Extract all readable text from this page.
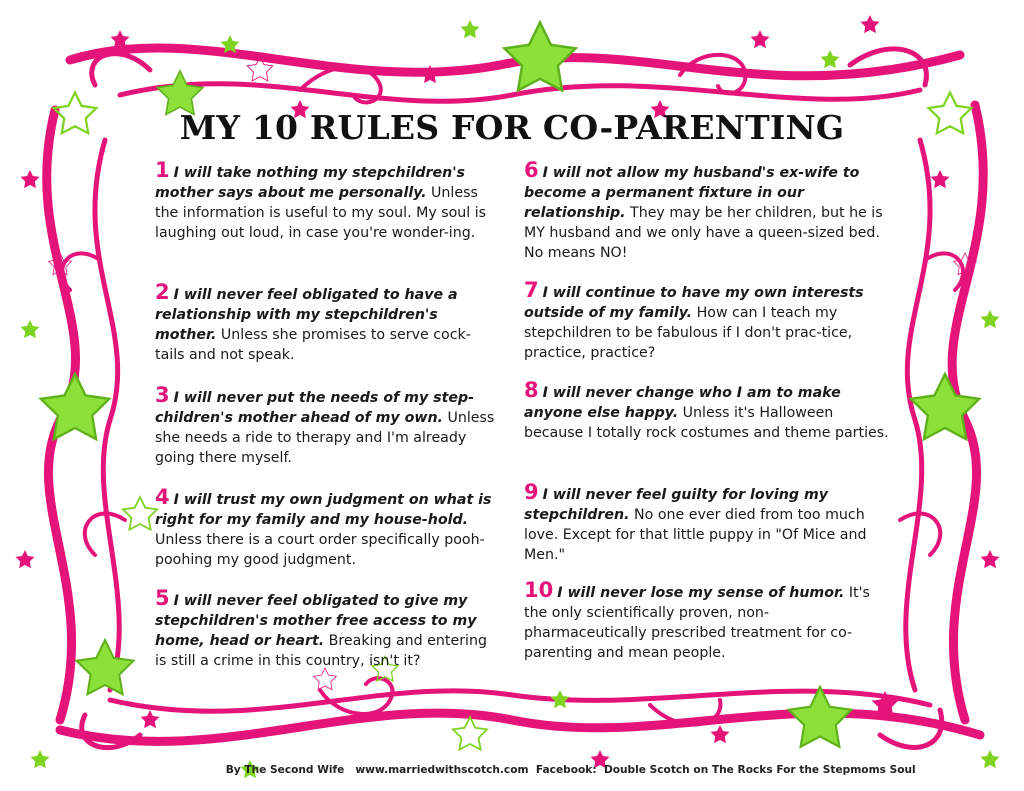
MY 10 RULES FOR CO-PARENTING
1 I will take nothing my stepchildren's mother says about me personally. Unless the information is useful to my soul. My soul is laughing out loud, in case you're wonder-ing.
2 I will never feel obligated to have a relationship with my stepchildren's mother. Unless she promises to serve cock-tails and not speak.
3 I will never put the needs of my step-children's mother ahead of my own. Unless she needs a ride to therapy and I'm already going there myself.
4 I will trust my own judgment on what is right for my family and my house-hold. Unless there is a court order specifically pooh-poohing my good judgment.
5 I will never feel obligated to give my stepchildren's mother free access to my home, head or heart. Breaking and entering is still a crime in this country, isn't it?
6 I will not allow my husband's ex-wife to become a permanent fixture in our relationship. They may be her children, but he is MY husband and we only have a queen-sized bed. No means NO!
7 I will continue to have my own interests outside of my family. How can I teach my stepchildren to be fabulous if I don't prac-tice, practice, practice?
8 I will never change who I am to make anyone else happy. Unless it's Halloween because I totally rock costumes and theme parties.
9 I will never feel guilty for loving my stepchildren. No one ever died from too much love. Except for that little puppy in "Of Mice and Men."
10 I will never lose my sense of humor. It's the only scientifically proven, non-pharmaceutically prescribed treatment for co-parenting and mean people.

By The Second Wife www.marriedwithscotch.com Facebook:  Double Scotch on The Rocks For the Stepmoms Soul
